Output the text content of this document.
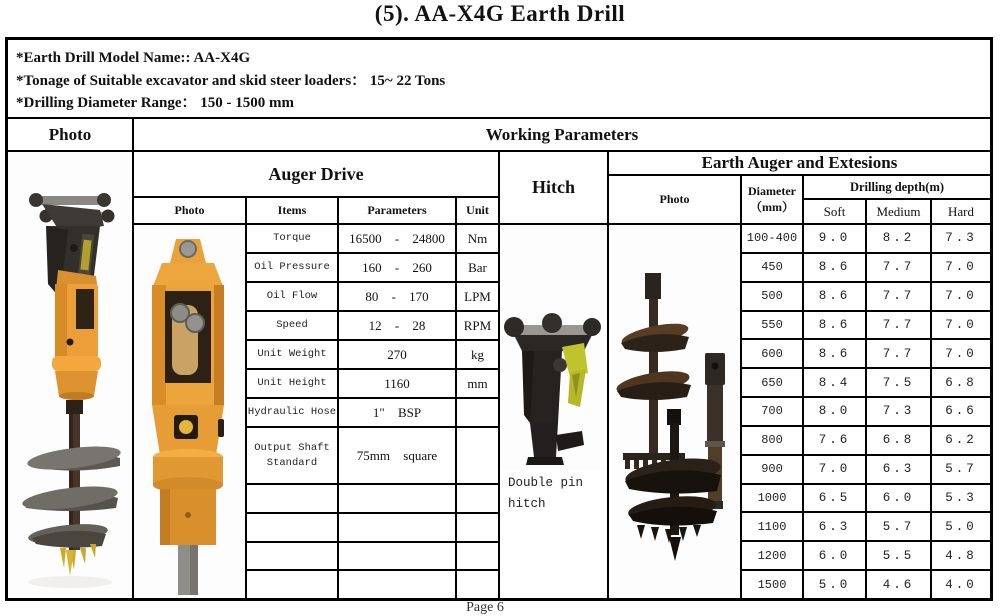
(5). AA-X4G Earth Drill
*Earth Drill Model Name:: AA-X4G
*Tonage of Suitable excavator and skid steer loaders： 15~ 22 Tons
*Drilling Diameter Range： 150 - 1500 mm
Photo	Working Parameters
Auger Drive
Photo	Items	Parameters	Unit
Torque	16500 - 24800	Nm
Oil Pressure	160 - 260	Bar
Oil Flow	80 - 170	LPM
Speed	12 - 28	RPM
Unit Weight	270	kg
Unit Height	1160	mm
Hydraulic Hose	1" BSP
Output Shaft Standard	75mm square
Hitch
Double pin hitch
Earth Auger and Extesions
Photo
Diameter
（mm）
Drilling depth(m)
Soft	Medium	Hard
100-400	9.0	8.2	7.3
450	8.6	7.7	7.0
500	8.6	7.7	7.0
550	8.6	7.7	7.0
600	8.6	7.7	7.0
650	8.4	7.5	6.8
700	8.0	7.3	6.6
800	7.6	6.8	6.2
900	7.0	6.3	5.7
1000	6.5	6.0	5.3
1100	6.3	5.7	5.0
1200	6.0	5.5	4.8
1500	5.0	4.6	4.0
Page 6
